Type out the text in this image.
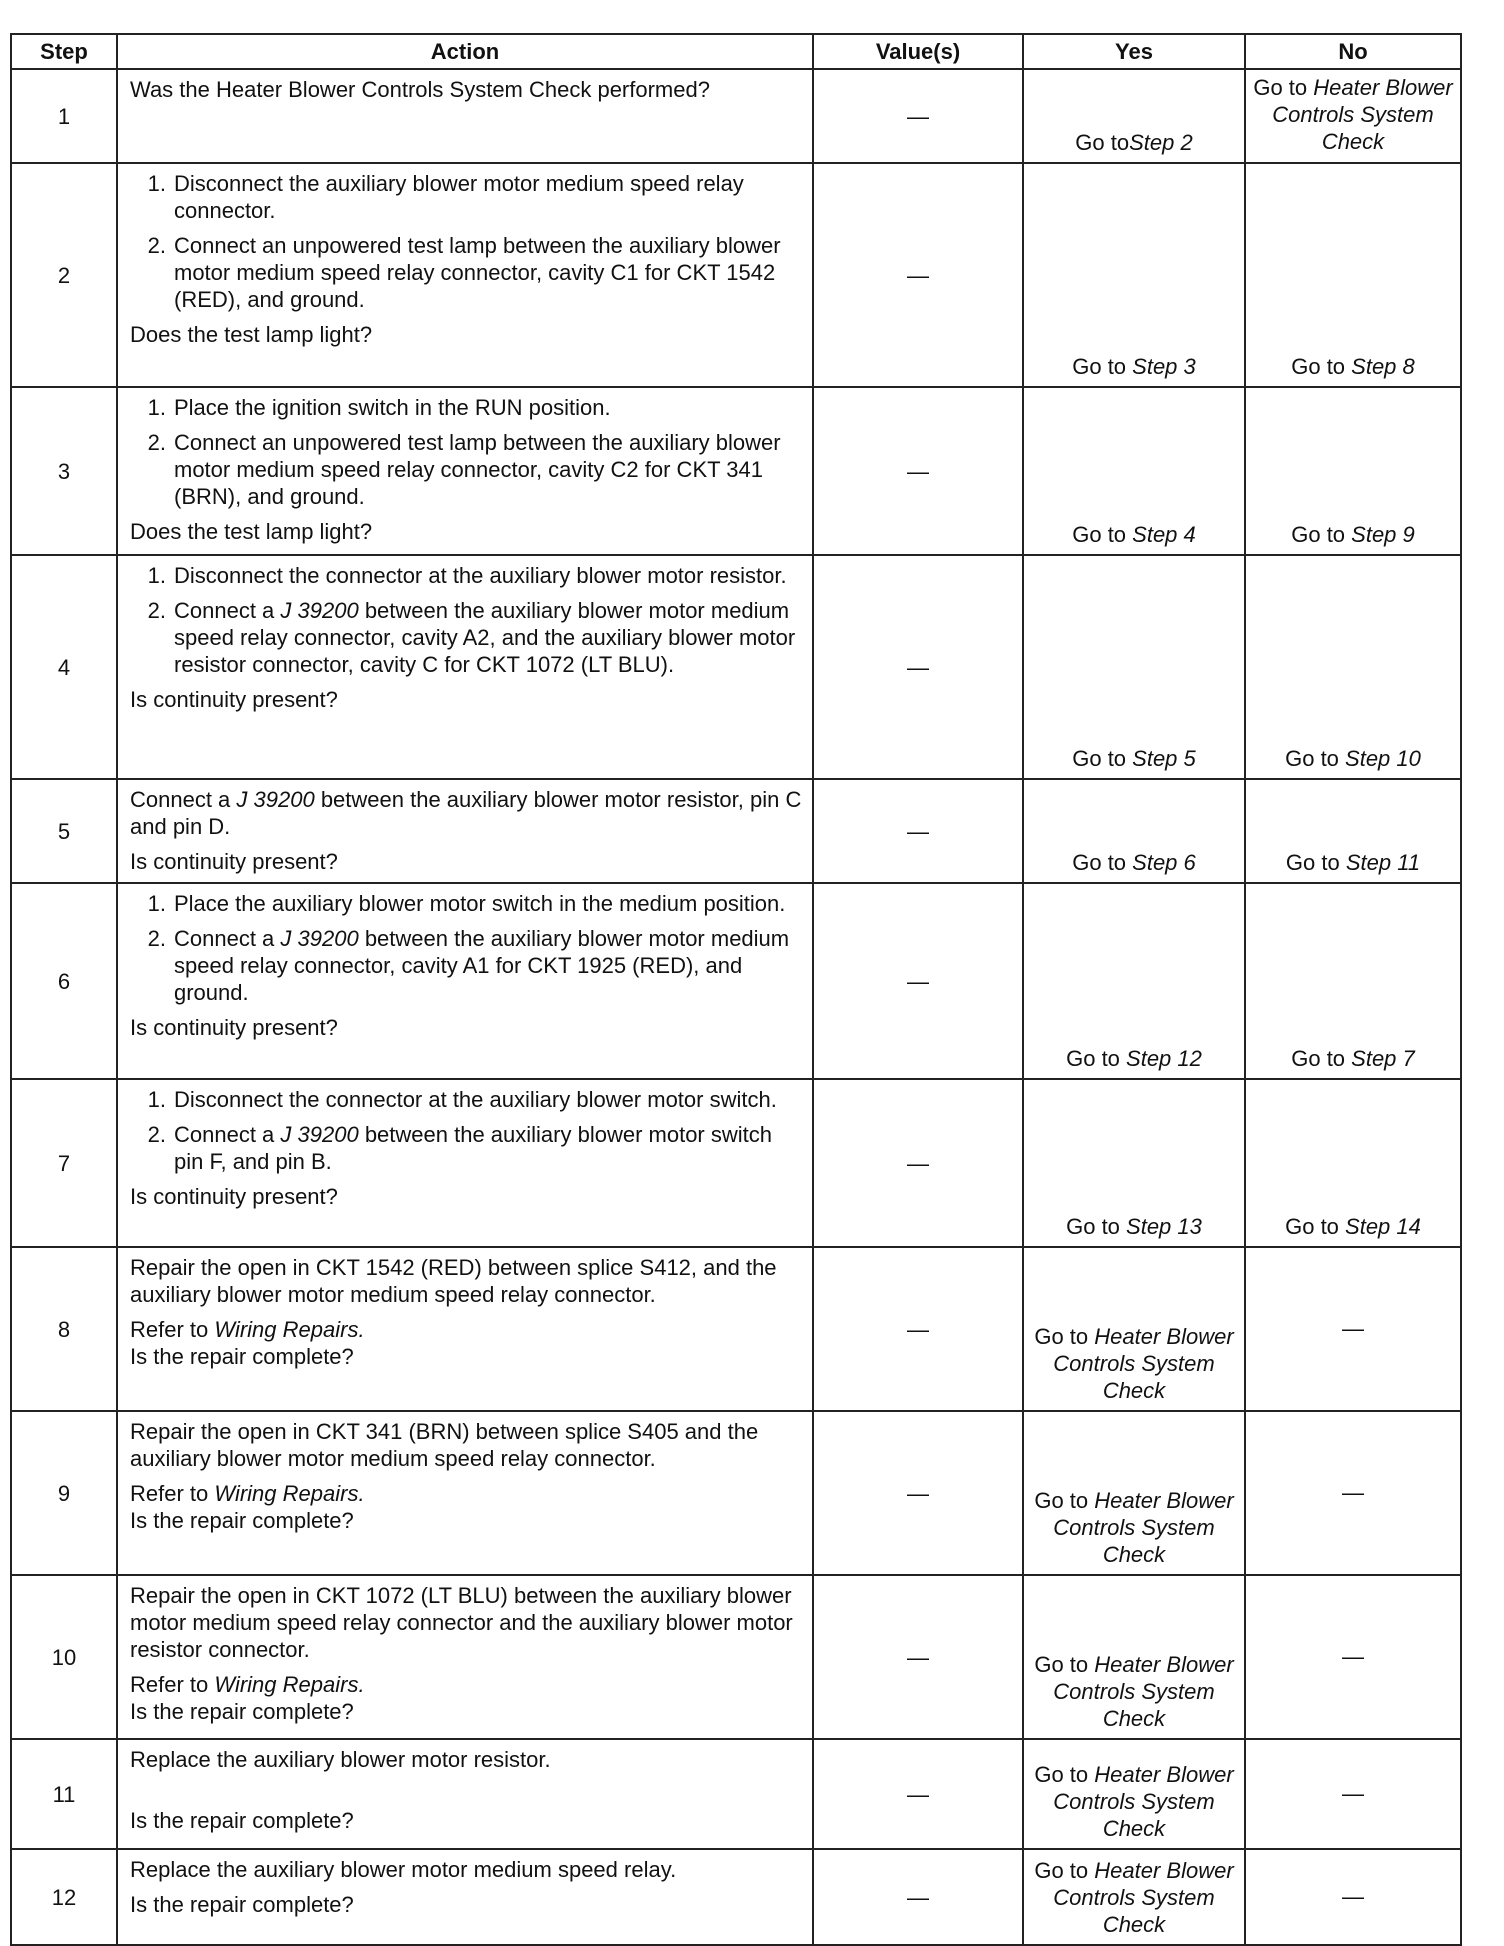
Step	Action	Value(s)	Yes	No
1	Was the Heater Blower Controls System Check performed?	—	Go toStep 2	Go to Heater Blower Controls System Check
2	1. Disconnect the auxiliary blower motor medium speed relay connector.
2. Connect an unpowered test lamp between the auxiliary blower motor medium speed relay connector, cavity C1 for CKT 1542 (RED), and ground.
Does the test lamp light?	—	Go to Step 3	Go to Step 8
3	1. Place the ignition switch in the RUN position.
2. Connect an unpowered test lamp between the auxiliary blower motor medium speed relay connector, cavity C2 for CKT 341 (BRN), and ground.
Does the test lamp light?	—	Go to Step 4	Go to Step 9
4	1. Disconnect the connector at the auxiliary blower motor resistor.
2. Connect a J 39200 between the auxiliary blower motor medium speed relay connector, cavity A2, and the auxiliary blower motor resistor connector, cavity C for CKT 1072 (LT BLU).
Is continuity present?	—	Go to Step 5	Go to Step 10
5	Connect a J 39200 between the auxiliary blower motor resistor, pin C and pin D.
Is continuity present?	—	Go to Step 6	Go to Step 11
6	1. Place the auxiliary blower motor switch in the medium position.
2. Connect a J 39200 between the auxiliary blower motor medium speed relay connector, cavity A1 for CKT 1925 (RED), and ground.
Is continuity present?	—	Go to Step 12	Go to Step 7
7	1. Disconnect the connector at the auxiliary blower motor switch.
2. Connect a J 39200 between the auxiliary blower motor switch pin F, and pin B.
Is continuity present?	—	Go to Step 13	Go to Step 14
8	Repair the open in CKT 1542 (RED) between splice S412, and the auxiliary blower motor medium speed relay connector.
Refer to Wiring Repairs.
Is the repair complete?	—	Go to Heater Blower Controls System Check	—
9	Repair the open in CKT 341 (BRN) between splice S405 and the auxiliary blower motor medium speed relay connector.
Refer to Wiring Repairs.
Is the repair complete?	—	Go to Heater Blower Controls System Check	—
10	Repair the open in CKT 1072 (LT BLU) between the auxiliary blower motor medium speed relay connector and the auxiliary blower motor resistor connector.
Refer to Wiring Repairs.
Is the repair complete?	—	Go to Heater Blower Controls System Check	—
11	Replace the auxiliary blower motor resistor.
Is the repair complete?	—	Go to Heater Blower Controls System Check	—
12	Replace the auxiliary blower motor medium speed relay.
Is the repair complete?	—	Go to Heater Blower Controls System Check	—
